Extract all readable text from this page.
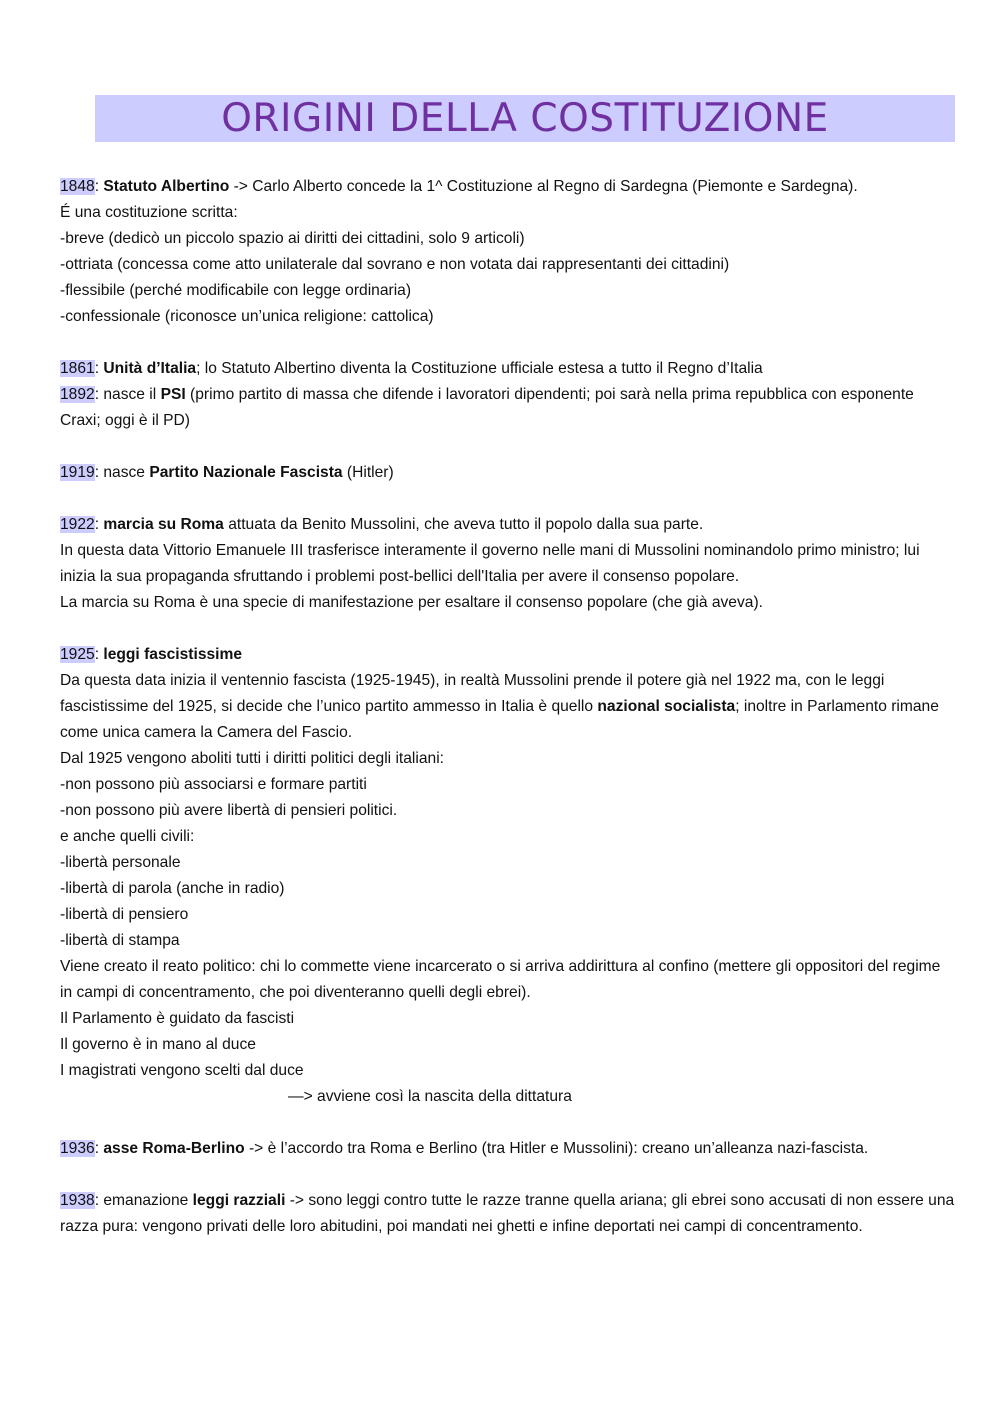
ORIGINI DELLA COSTITUZIONE
1848: Statuto Albertino -> Carlo Alberto concede la 1^ Costituzione al Regno di Sardegna (Piemonte e Sardegna).
É una costituzione scritta:
-breve (dedicò un piccolo spazio ai diritti dei cittadini, solo 9 articoli)
-ottriata (concessa come atto unilaterale dal sovrano e non votata dai rappresentanti dei cittadini)
-flessibile (perché modificabile con legge ordinaria)
-confessionale (riconosce un’unica religione: cattolica)
1861: Unità d’Italia; lo Statuto Albertino diventa la Costituzione ufficiale estesa a tutto il Regno d’Italia
1892: nasce il PSI (primo partito di massa che difende i lavoratori dipendenti; poi sarà nella prima repubblica con esponente Craxi; oggi è il PD)
1919: nasce Partito Nazionale Fascista (Hitler)
1922: marcia su Roma attuata da Benito Mussolini, che aveva tutto il popolo dalla sua parte.
In questa data Vittorio Emanuele III trasferisce interamente il governo nelle mani di Mussolini nominandolo primo ministro; lui inizia la sua propaganda sfruttando i problemi post-bellici dell'Italia per avere il consenso popolare.
La marcia su Roma è una specie di manifestazione per esaltare il consenso popolare (che già aveva).
1925: leggi fascistissime
Da questa data inizia il ventennio fascista (1925-1945), in realtà Mussolini prende il potere già nel 1922 ma, con le leggi fascistissime del 1925, si decide che l’unico partito ammesso in Italia è quello nazional socialista; inoltre in Parlamento rimane come unica camera la Camera del Fascio.
Dal 1925 vengono aboliti tutti i diritti politici degli italiani:
-non possono più associarsi e formare partiti
-non possono più avere libertà di pensieri politici.
e anche quelli civili:
-libertà personale
-libertà di parola (anche in radio)
-libertà di pensiero
-libertà di stampa
Viene creato il reato politico: chi lo commette viene incarcerato o si arriva addirittura al confino (mettere gli oppositori del regime in campi di concentramento, che poi diventeranno quelli degli ebrei).
Il Parlamento è guidato da fascisti
Il governo è in mano al duce
I magistrati vengono scelti dal duce
—> avviene così la nascita della dittatura
1936: asse Roma-Berlino -> è l’accordo tra Roma e Berlino (tra Hitler e Mussolini): creano un’alleanza nazi-fascista.
1938: emanazione leggi razziali -> sono leggi contro tutte le razze tranne quella ariana; gli ebrei sono accusati di non essere una razza pura: vengono privati delle loro abitudini, poi mandati nei ghetti e infine deportati nei campi di concentramento.
